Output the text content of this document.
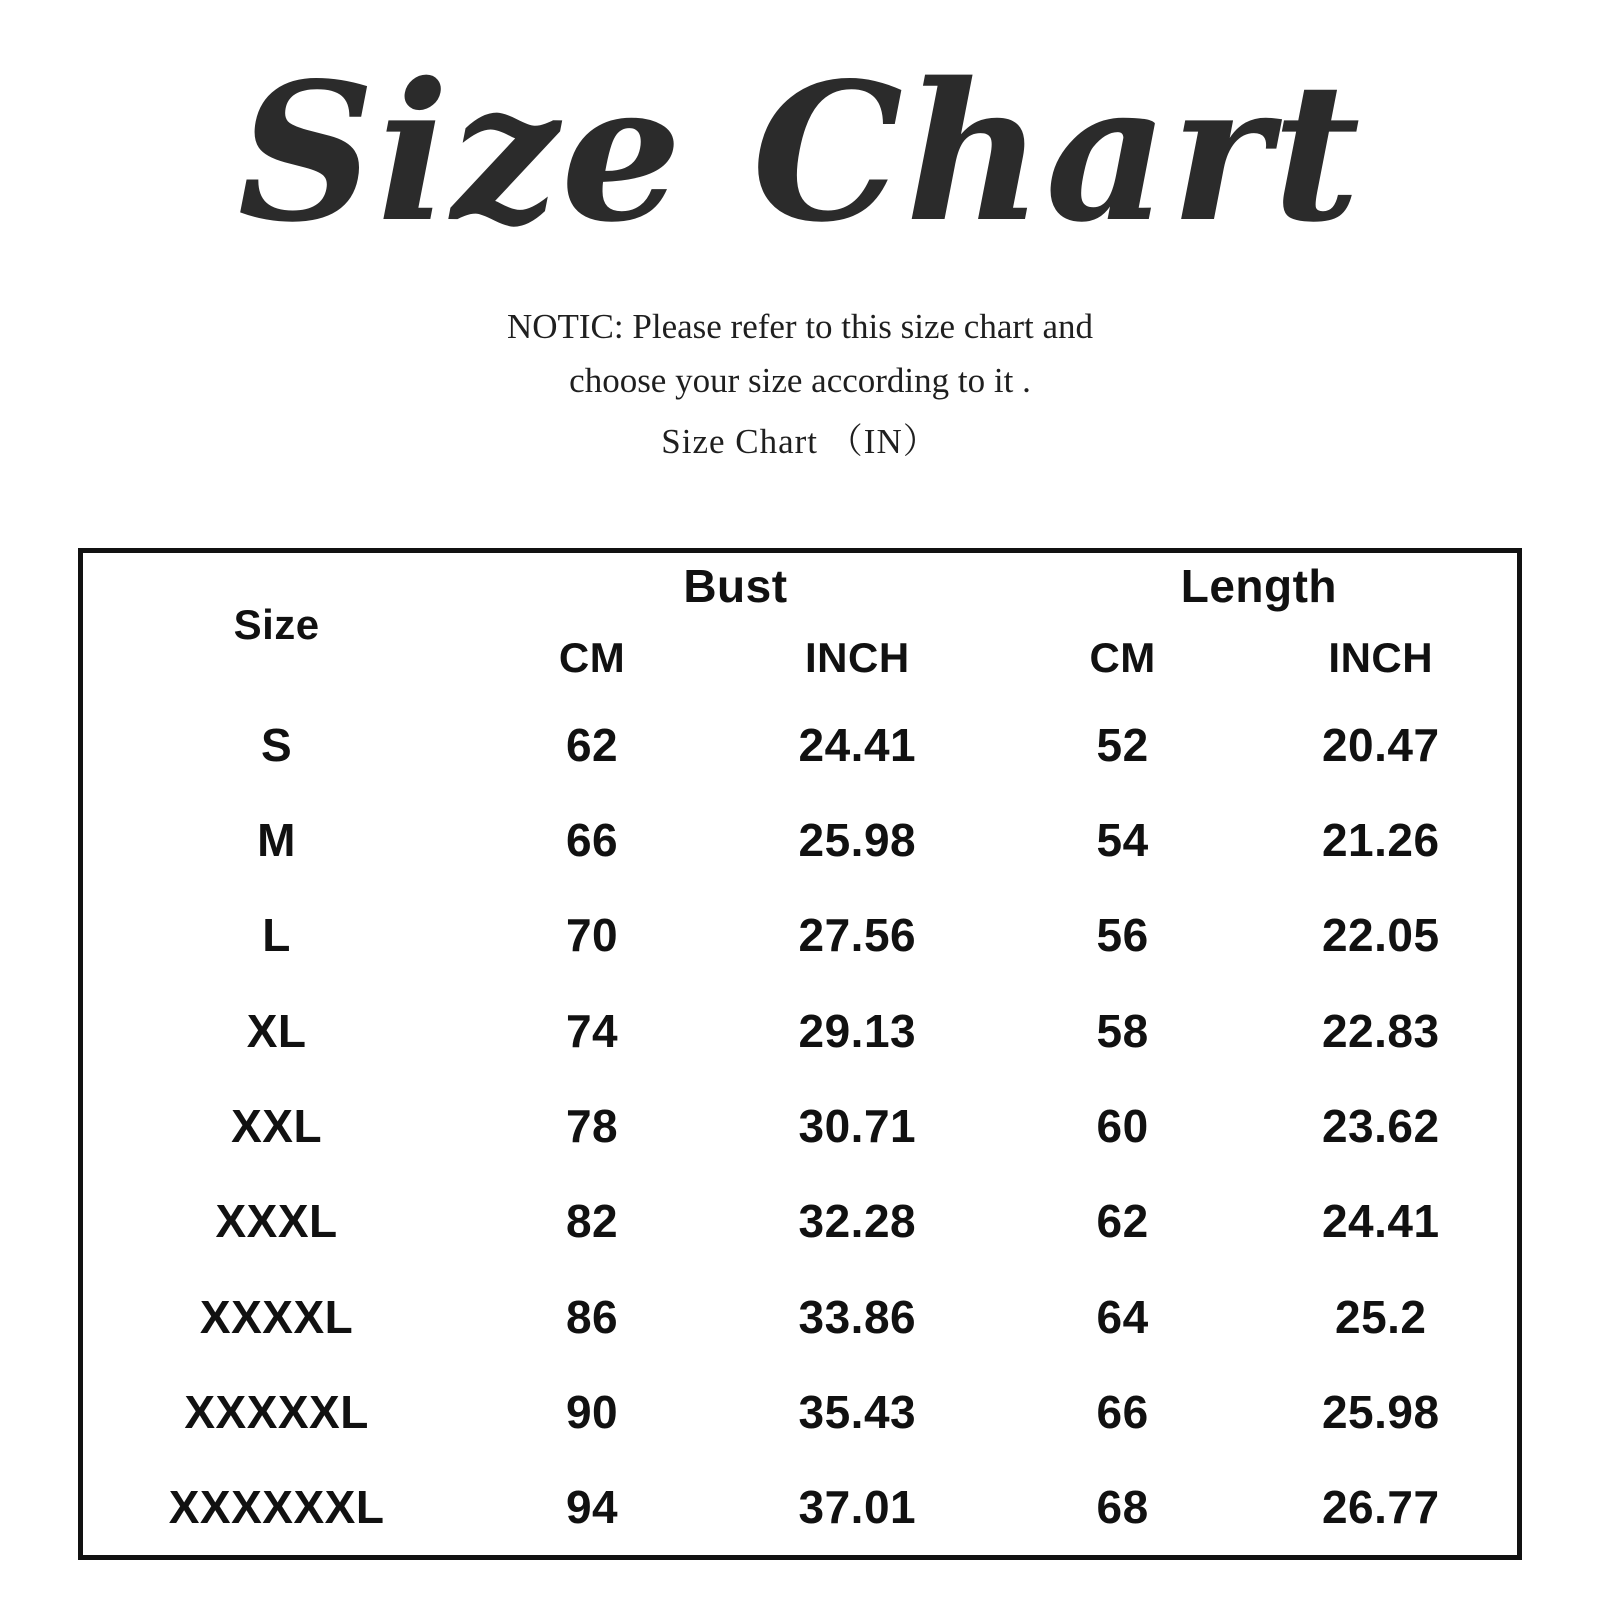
Size Chart
NOTIC: Please refer to this size chart and
choose your size according to it .
Size Chart （IN）
Size	Bust		Length	
	CM	INCH	CM	INCH
S	62	24.41	52	20.47
M	66	25.98	54	21.26
L	70	27.56	56	22.05
XL	74	29.13	58	22.83
XXL	78	30.71	60	23.62
XXXL	82	32.28	62	24.41
XXXXL	86	33.86	64	25.2
XXXXXL	90	35.43	66	25.98
XXXXXXL	94	37.01	68	26.77
